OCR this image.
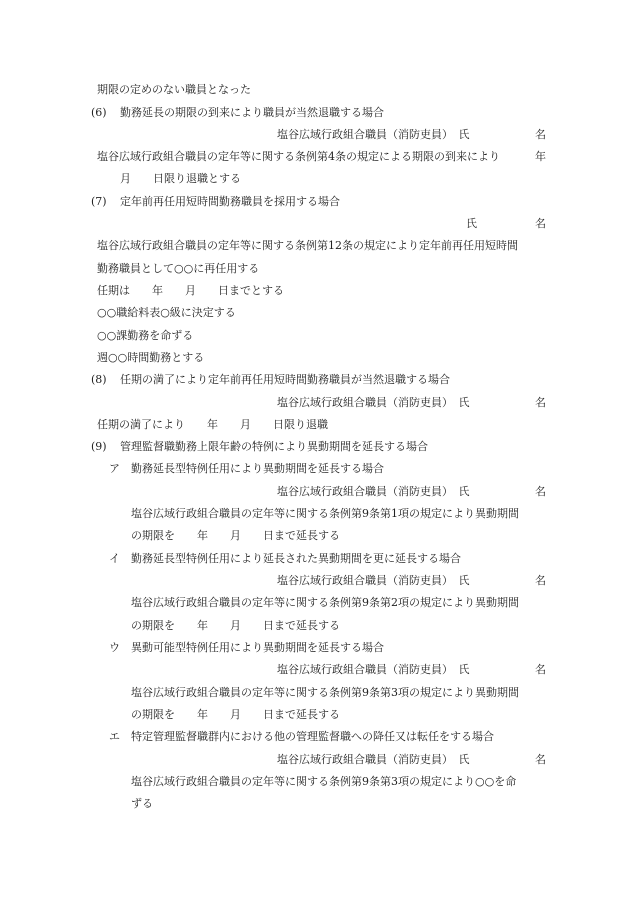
期限の定めのない職員となった
(6) 勤務延長の期限の到来により職員が当然退職する場合
塩谷広域行政組合職員（消防吏員）　氏	名
塩谷広域行政組合職員の定年等に関する条例第4条の規定による期限の到来により	年
月　　日限り退職とする
(7) 定年前再任用短時間勤務職員を採用する場合
氏	名
塩谷広域行政組合職員の定年等に関する条例第12条の規定により定年前再任用短時間
勤務職員として○○に再任用する
任期は　　年　　月　　日までとする
○○職給料表○級に決定する
○○課勤務を命ずる
週○○時間勤務とする
(8) 任期の満了により定年前再任用短時間勤務職員が当然退職する場合
塩谷広域行政組合職員（消防吏員）　氏	名
任期の満了により　　年　　月　　日限り退職
(9) 管理監督職勤務上限年齢の特例により異動期間を延長する場合
ア 勤務延長型特例任用により異動期間を延長する場合
塩谷広域行政組合職員（消防吏員）　氏	名
塩谷広域行政組合職員の定年等に関する条例第9条第1項の規定により異動期間
の期限を　　年　　月　　日まで延長する
イ 勤務延長型特例任用により延長された異動期間を更に延長する場合
塩谷広域行政組合職員（消防吏員）　氏	名
塩谷広域行政組合職員の定年等に関する条例第9条第2項の規定により異動期間
の期限を　　年　　月　　日まで延長する
ウ 異動可能型特例任用により異動期間を延長する場合
塩谷広域行政組合職員（消防吏員）　氏	名
塩谷広域行政組合職員の定年等に関する条例第9条第3項の規定により異動期間
の期限を　　年　　月　　日まで延長する
エ 特定管理監督職群内における他の管理監督職への降任又は転任をする場合
塩谷広域行政組合職員（消防吏員）　氏	名
塩谷広域行政組合職員の定年等に関する条例第9条第3項の規定により○○を命
ずる
